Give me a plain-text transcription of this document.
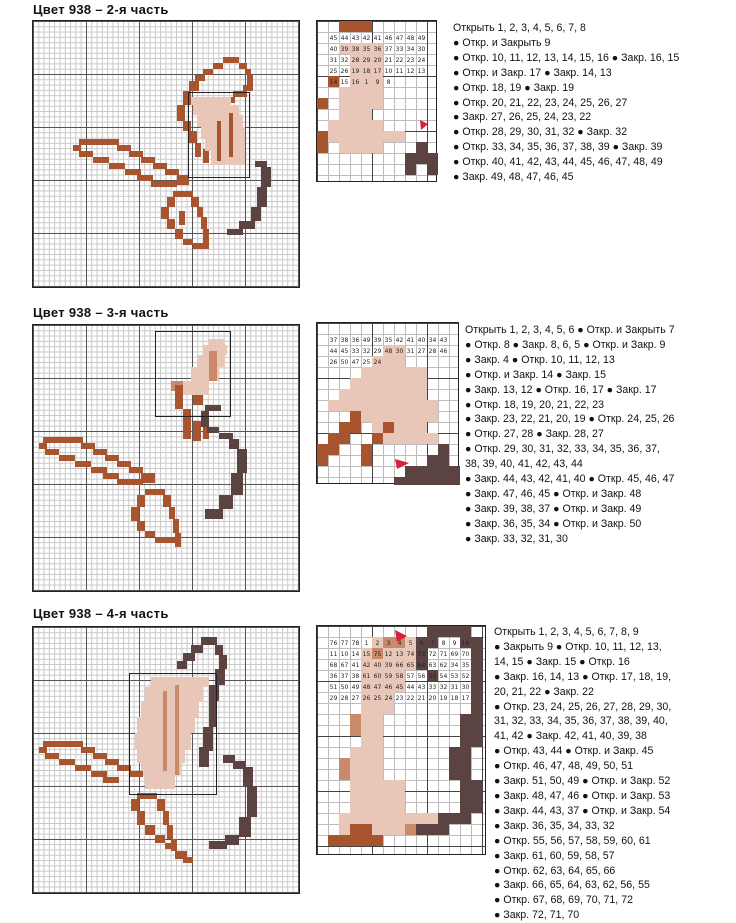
Цвет 938 – 2-я часть
45 44 43 42 41 46 47 48 49
40 39 38 35 36 37 33 34 30
31 32 28 29 20 21 22 23 24
25 26 19 18 17 10 11 12 13
14 15 16 1 9 8
Открыть 1, 2, 3, 4, 5, 6, 7, 8
● Откр. и Закрыть 9
● Откр. 10, 11, 12, 13, 14, 15, 16 ● Закр. 16, 15
● Откр. и Закр. 17 ● Закр. 14, 13
● Откр. 18, 19 ● Закр. 19
● Откр. 20, 21, 22, 23, 24, 25, 26, 27
● Закр. 27, 26, 25, 24, 23, 22
● Откр. 28, 29, 30, 31, 32 ● Закр. 32
● Откр. 33, 34, 35, 36, 37, 38, 39 ● Закр. 39
● Откр. 40, 41, 42, 43, 44, 45, 46, 47, 48, 49
● Закр. 49, 48, 47, 46, 45
Цвет 938 – 3-я часть
37 38 36 49 39 35 42 41 40 34 43
44 45 33 32 29 48 30 31 27 28 46
26 50 47 25 24
Открыть 1, 2, 3, 4, 5, 6 ● Откр. и Закрыть 7
● Откр. 8 ● Закр. 8, 6, 5 ● Откр. и Закр. 9
● Закр. 4 ● Откр. 10, 11, 12, 13
● Откр. и Закр. 14 ● Закр. 15
● Закр. 13, 12 ● Откр. 16, 17 ● Закр. 17
● Откр. 18, 19, 20, 21, 22, 23
● Закр. 23, 22, 21, 20, 19 ● Откр. 24, 25, 26
● Откр. 27, 28 ● Закр. 28, 27
● Откр. 29, 30, 31, 32, 33, 34, 35, 36, 37,
38, 39, 40, 41, 42, 43, 44
● Закр. 44, 43, 42, 41, 40 ● Откр. 45, 46, 47
● Закр. 47, 46, 45 ● Откр. и Закр. 48
● Закр. 39, 38, 37 ● Откр. и Закр. 49
● Закр. 36, 35, 34 ● Откр. и Закр. 50
● Закр. 33, 32, 31, 30
Цвет 938 – 4-я часть
76 77 78 1 2 3 4 5 6 7 8 9 16
11 10 14 15 75 12 13 74 73 72 71 69 70
68 67 41 42 40 39 66 65 64 63 62 34 35
36 37 38 61 60 59 58 57 56 55 54 53 52
51 50 49 48 47 46 45 44 43 33 32 31 30
29 28 27 26 25 24 23 22 21 20 19 18 17
Открыть 1, 2, 3, 4, 5, 6, 7, 8, 9
● Закрыть 9 ● Откр. 10, 11, 12, 13,
14, 15 ● Закр. 15 ● Откр. 16
● Закр. 16, 14, 13 ● Откр. 17, 18, 19,
20, 21, 22 ● Закр. 22
● Откр. 23, 24, 25, 26, 27, 28, 29, 30,
31, 32, 33, 34, 35, 36, 37, 38, 39, 40,
41, 42 ● Закр. 42, 41, 40, 39, 38
● Откр. 43, 44 ● Откр. и Закр. 45
● Откр. 46, 47, 48, 49, 50, 51
● Закр. 51, 50, 49 ● Откр. и Закр. 52
● Закр. 48, 47, 46 ● Откр. и Закр. 53
● Закр. 44, 43, 37 ● Откр. и Закр. 54
● Закр. 36, 35, 34, 33, 32
● Откр. 55, 56, 57, 58, 59, 60, 61
● Закр. 61, 60, 59, 58, 57
● Откр. 62, 63, 64, 65, 66
● Закр. 66, 65, 64, 63, 62, 56, 55
● Откр. 67, 68, 69, 70, 71, 72
● Закр. 72, 71, 70
